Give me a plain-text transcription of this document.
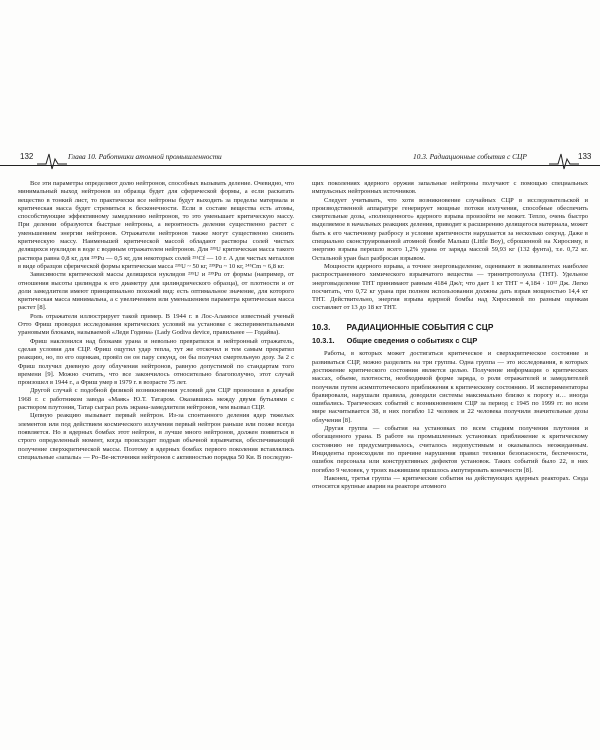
132	Глава 10. Работники атомной промышленности	10.3. Радиационные события с СЦР	133

Все эти параметры определяют долю нейтронов, способных вызывать деление. Очевидно, что минимальный выход нейтронов из образца будет для сферической формы, а если раскатать вещество в тонкий лист, то практически все нейтроны будут выходить за пределы материала и критическая масса будет стремиться к бесконечности. Если в составе вещества есть атомы, способствующие эффективному замедлению нейтронов, то это уменьшает критическую массу. При делении образуются быстрые нейтроны, а вероятность деления существенно растет с уменьшением энергии нейтронов. Отражатели нейтронов также могут существенно снизить критическую массу. Наименьшей критической массой обладают растворы солей чистых делящихся нуклидов в воде с водяным отражателем нейтронов. Для ²³⁵U критическая масса такого раствора равна 0,8 кг, для ²³⁹Pu — 0,5 кг, для некоторых солей ²⁵¹Cf — 10 г. А для чистых металлов в виде образцов сферической формы критическая масса ²³⁵U ~ 50 кг, ²³⁹Pu ~ 10 кг, ²⁴⁵Cm ~ 6,8 кг.

Зависимости критической массы делящихся нуклидов ²³⁵U и ²³⁹Pu от формы (например, от отношения высоты цилиндра к его диаметру для цилиндрического образца), от плотности и от доли замедлителя имеют принципиально похожий вид: есть оптимальное значение, для которого критическая масса минимальна, а с увеличением или уменьшением параметра критическая масса растет [8].

Роль отражателя иллюстрирует такой пример. В 1944 г. в Лос-Аламосе известный ученый Отто Фриш проводил исследования критических условий на установке с экспериментальными урановыми блоками, называемой «Леди Година» (Lady Godiva device, правильнее — Годайва).

Фриш наклонился над блоками урана и невольно превратился в нейтронный отражатель, сделав условия для СЦР. Фриш ощутил удар тепла, тут же отскочил и тем самым прекратил реакцию, но, по его оценкам, провёл он он пару секунд, он бы получил смертельную дозу. За 2 с Фриш получил дневную дозу облучения нейтронов, равную допустимой по стандартам того времени [9]. Можно считать, что все закончилось относительно благополучно, этот случай произошел в 1944 г., а Фриш умер в 1979 г. в возрасте 75 лет.

Другой случай с подобной физикой возникновения условий для СЦР произошел в декабре 1968 г. с работником завода «Маяк» Ю.Т. Татаром. Оказавшись между двумя бутылями с раствором плутония, Татар сыграл роль экрана-замедлителя нейтронов, чем вызвал СЦР.

Цепную реакцию вызывает первый нейтрон. Из-за спонтанного деления ядер тяжелых элементов или под действием космического излучения первый нейтрон раньше или позже всегда появляется. Но в ядерных бомбах этот нейтрон, в лучше много нейтронов, должен появиться в строго определенный момент, когда происходит подрыв обычной взрывчатки, обеспечивающей получение сверхкритической массы. Поэтому в ядерных бомбах первого поколения вставлялись специальные «запалы» — Ро–Ве-источники нейтронов с активностью порядка 50 Ки. В последую-

щих поколениях ядерного оружия запальные нейтроны получают с помощью специальных импульсных нейтронных источников.

Следует учитывать, что хотя возникновение случайных СЦР в исследовательской и производственной аппаратуре генерирует мощные потоки излучения, способные обеспечить смертельные дозы, «полноценного» ядерного взрыва произойти не может. Тепло, очень быстро выделяемое в начальных реакциях деления, приводит к расширению делящегося материала, может быть к его частичному разбросу и условие критичности нарушается за несколько секунд. Даже в специально сконструированной атомной бомбе Малыш (Little Boy), сброшенной на Хиросиму, в энергию взрыва перешло всего 1,2% урана от заряда массой 59,93 кг (132 фунта), т.е. 0,72 кг. Остальной уран был разбросан взрывом.

Мощности ядерного взрыва, а точнее энерговыделение, оценивают в эквивалентах наиболее распространенного химического взрывчатого вещества — тринитротолуола (ТНТ). Удельное энерговыделение ТНТ принимают равным 4184 Дж/г, что дает 1 кт ТНТ = 4,184 · 10¹² Дж. Легко посчитать, что 0,72 кг урана при полном использовании должны дать взрыв мощностью 14,4 кт ТНТ. Действительно, энергия взрыва ядерной бомбы над Хиросимой по разным оценкам составляет от 13 до 18 кт ТНТ.

10.3. РАДИАЦИОННЫЕ СОБЫТИЯ С СЦР
10.3.1. Общие сведения о событиях с СЦР

Работы, в которых может достигаться критическое и сверхкритическое состояние и развиваться СЦР, можно разделить на три группы. Одна группа — это исследования, в которых достижение критического состояния является целью. Получение информации о критических массах, объеме, плотности, необходимой форме заряда, о роли отражателей и замедлителей получили путем асимптотического приближения к критическому состоянию. И экспериментаторы бравировали, нарушали правила, доводили системы максимально близко к порогу и… иногда ошибались. Трагических событий с возникновением СЦР за период с 1945 по 1999 гг. во всем мире насчитывается 38, в них погибло 12 человек и 22 человека получили значительные дозы облучения [8].

Другая группа — события на установках по всем стадиям получения плутония и обогащенного урана. В работе на промышленных установках приближение к критическому состоянию не предусматривалось, считалось недопустимым и оказывалось неожиданным. Инциденты происходили по причине нарушения правил техники безопасности, беспечности, ошибок персонала или конструктивных дефектов установок. Таких событий было 22, в них погибло 9 человек, у троих выжившим пришлось ампутировать конечности [8].

Наконец, третья группа — критические события на действующих ядерных реакторах. Сюда относятся крупные аварии на реакторе атомного
